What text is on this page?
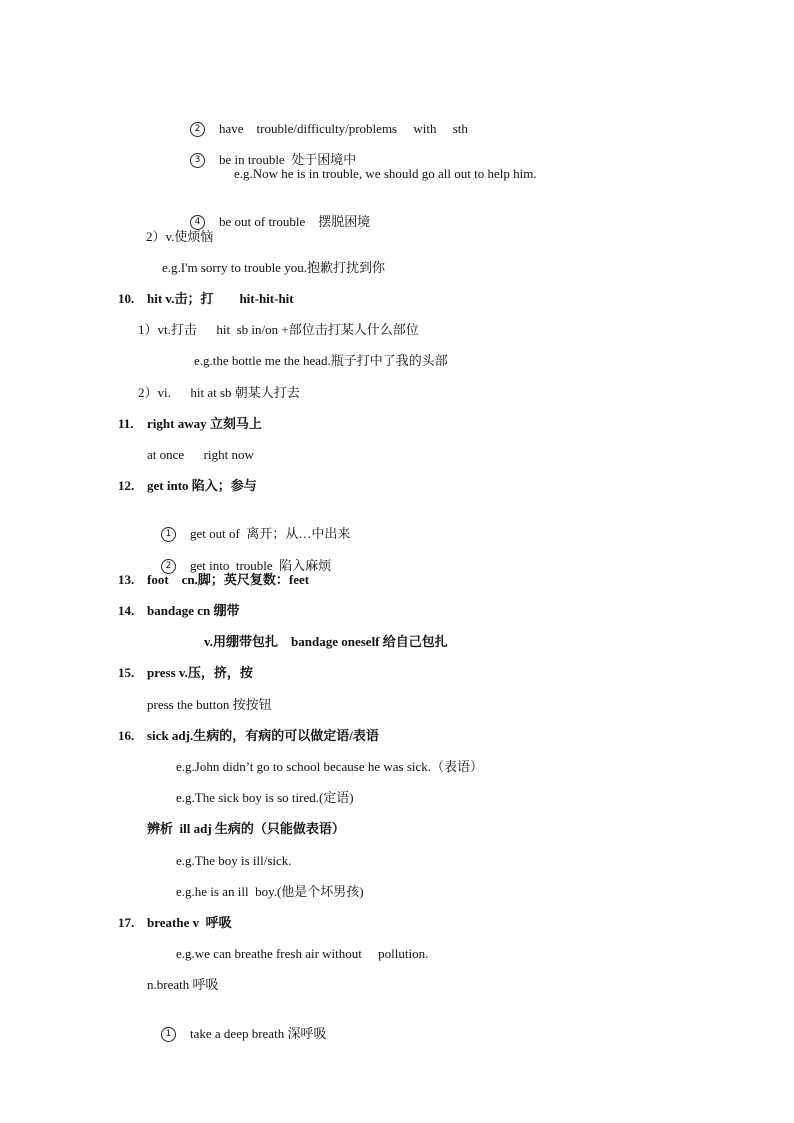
2 have    trouble/difficulty/problems     with     sth

3 be in trouble  处于困境中

e.g.Now he is in trouble, we should go all out to help him.

4 be out of trouble    摆脱困境

2）v.使烦恼
e.g.I'm sorry to trouble you.抱歉打扰到你
10. hit v.击；打        hit-hit-hit
1）vt.打击      hit  sb in/on +部位击打某人什么部位
e.g.the bottle me the head.瓶子打中了我的头部
2）vi.      hit at sb 朝某人打去
11. right away 立刻马上
at once      right now
12. get into 陷入；参与

1 get out of  离开；从…中出来

2 get into  trouble  陷入麻烦

13. foot    cn.脚；英尺复数：feet
14. bandage cn 绷带
v.用绷带包扎    bandage oneself 给自己包扎
15. press v.压，挤，按
press the button 按按钮
16. sick adj.生病的，有病的可以做定语/表语
e.g.John didn’t go to school because he was sick.（表语）
e.g.The sick boy is so tired.(定语)
辨析  ill adj 生病的（只能做表语）
e.g.The boy is ill/sick.
e.g.he is an ill  boy.(他是个坏男孩)
17. breathe v  呼吸
e.g.we can breathe fresh air without     pollution.
n.breath 呼吸

1 take a deep breath 深呼吸
